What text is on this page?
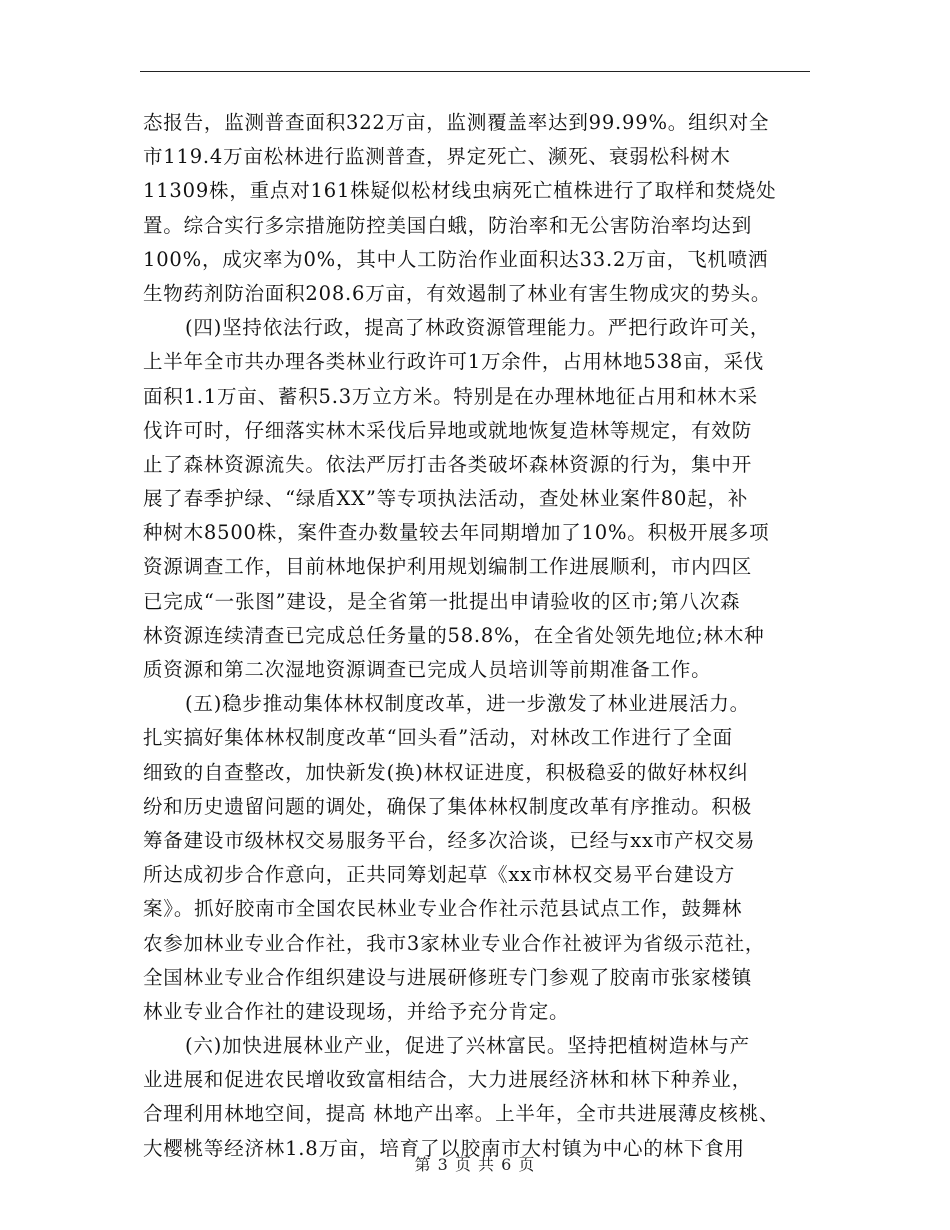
态报告，监测普查面积322万亩，监测覆盖率达到99.99%。组织对全
市119.4万亩松林进行监测普查，界定死亡、濒死、衰弱松科树木
11309株，重点对161株疑似松材线虫病死亡植株进行了取样和焚烧处
置。综合实行多宗措施防控美国白蛾，防治率和无公害防治率均达到
100%，成灾率为0%，其中人工防治作业面积达33.2万亩，飞机喷洒
生物药剂防治面积208.6万亩，有效遏制了林业有害生物成灾的势头。
(四)坚持依法行政，提高了林政资源管理能力。严把行政许可关，
上半年全市共办理各类林业行政许可1万余件，占用林地538亩，采伐
面积1.1万亩、蓄积5.3万立方米。特别是在办理林地征占用和林木采
伐许可时，仔细落实林木采伐后异地或就地恢复造林等规定，有效防
止了森林资源流失。依法严厉打击各类破坏森林资源的行为，集中开
展了春季护绿、“绿盾XX”等专项执法活动，查处林业案件80起，补
种树木8500株，案件查办数量较去年同期增加了10%。积极开展多项
资源调查工作，目前林地保护利用规划编制工作进展顺利，市内四区
已完成“一张图”建设，是全省第一批提出申请验收的区市;第八次森
林资源连续清查已完成总任务量的58.8%，在全省处领先地位;林木种
质资源和第二次湿地资源调查已完成人员培训等前期准备工作。
(五)稳步推动集体林权制度改革，进一步激发了林业进展活力。
扎实搞好集体林权制度改革“回头看”活动，对林改工作进行了全面
细致的自查整改，加快新发(换)林权证进度，积极稳妥的做好林权纠
纷和历史遗留问题的调处，确保了集体林权制度改革有序推动。积极
筹备建设市级林权交易服务平台，经多次洽谈，已经与xx市产权交易
所达成初步合作意向，正共同筹划起草《xx市林权交易平台建设方
案》。抓好胶南市全国农民林业专业合作社示范县试点工作，鼓舞林
农参加林业专业合作社，我市3家林业专业合作社被评为省级示范社，
全国林业专业合作组织建设与进展研修班专门参观了胶南市张家楼镇
林业专业合作社的建设现场，并给予充分肯定。
(六)加快进展林业产业，促进了兴林富民。坚持把植树造林与产
业进展和促进农民增收致富相结合，大力进展经济林和林下种养业，
合理利用林地空间，提高 林地产出率。上半年，全市共进展薄皮核桃、
大樱桃等经济林1.8万亩，培育了以胶南市大村镇为中心的林下食用
第 3 页 共 6 页
